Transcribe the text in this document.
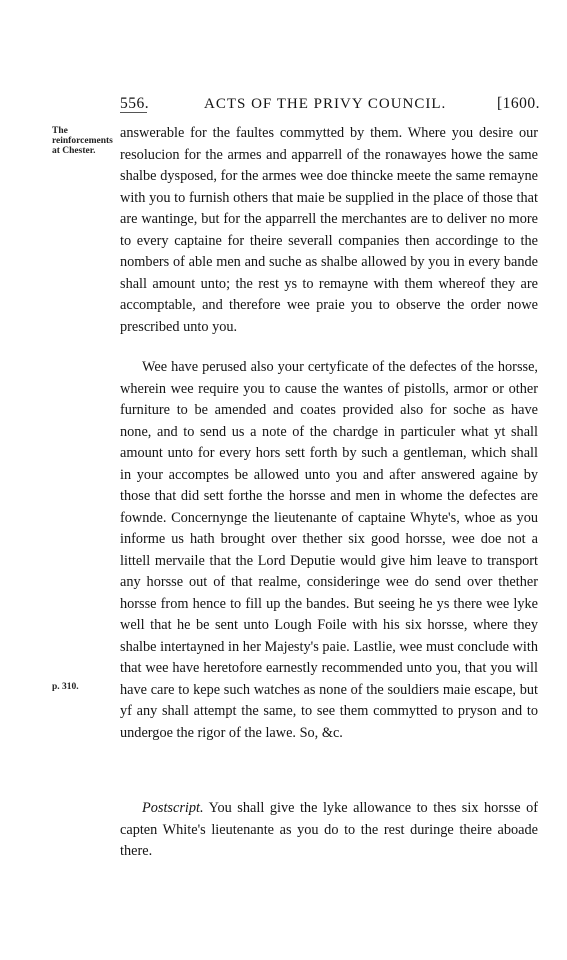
556.	ACTS OF THE PRIVY COUNCIL.	[1600.
The reinforcements at Chester.
p. 310.

answerable for the faultes commytted by them. Where you desire our resolucion for the armes and apparrell of the ronawayes howe the same shalbe dysposed, for the armes wee doe thincke meete the same remayne with you to furnish others that maie be supplied in the place of those that are wantinge, but for the apparrell the merchantes are to deliver no more to every captaine for theire severall companies then accordinge to the nombers of able men and suche as shalbe allowed by you in every bande shall amount unto; the rest ys to remayne with them whereof they are accomptable, and therefore wee praie you to observe the order nowe prescribed unto you.

Wee have perused also your certyficate of the defectes of the horsse, wherein wee require you to cause the wantes of pistolls, armor or other furniture to be amended and coates provided also for soche as have none, and to send us a note of the chardge in particuler what yt shall amount unto for every hors sett forth by such a gentleman, which shall in your accomptes be allowed unto you and after answered againe by those that did sett forthe the horsse and men in whome the defectes are fownde. Concernynge the lieutenante of captaine Whyte's, whoe as you informe us hath brought over thether six good horsse, wee doe not a littell mervaile that the Lord Deputie would give him leave to transport any horsse out of that realme, consideringe wee do send over thether horsse from hence to fill up the bandes. But seeing he ys there wee lyke well that he be sent unto Lough Foile with his six horsse, where they shalbe intertayned in her Majesty's paie. Lastlie, wee must conclude with that wee have heretofore earnestly recommended unto you, that you will have care to kepe such watches as none of the souldiers maie escape, but yf any shall attempt the same, to see them commytted to pryson and to undergoe the rigor of the lawe. So, &c.

Postscript. You shall give the lyke allowance to thes six horsse of capten White's lieutenante as you do to the rest duringe theire aboade there.
